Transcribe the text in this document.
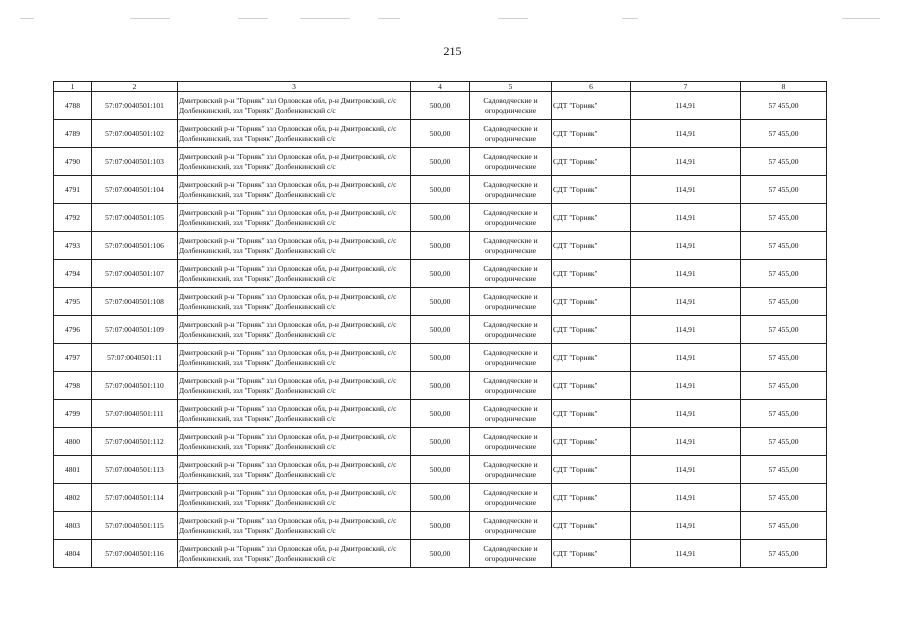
215
1	2	3	4	5	6	7	8
4788	57:07:0040501:101	Дмитровский р-н "Горняк" ззл Орловская обл, р-н Дмитровский, с/с Долбенкинский, ззл "Горняк" Долбенкинский с/с	500,00	Садоводческие и огороднические	СДТ "Горняк"	114,91	57 455,00
4789	57:07:0040501:102	Дмитровский р-н "Горняк" ззл Орловская обл, р-н Дмитровский, с/с Долбенкинский, ззл "Горняк" Долбенкинский с/с	500,00	Садоводческие и огороднические	СДТ "Горняк"	114,91	57 455,00
4790	57:07:0040501:103	Дмитровский р-н "Горняк" ззл Орловская обл, р-н Дмитровский, с/с Долбенкинский, ззл "Горняк" Долбенкинский с/с	500,00	Садоводческие и огороднические	СДТ "Горняк"	114,91	57 455,00
4791	57:07:0040501:104	Дмитровский р-н "Горняк" ззл Орловская обл, р-н Дмитровский, с/с Долбенкинский, ззл "Горняк" Долбенкинский с/с	500,00	Садоводческие и огороднические	СДТ "Горняк"	114,91	57 455,00
4792	57:07:0040501:105	Дмитровский р-н "Горняк" ззл Орловская обл, р-н Дмитровский, с/с Долбенкинский, ззл "Горняк" Долбенкинский с/с	500,00	Садоводческие и огороднические	СДТ "Горняк"	114,91	57 455,00
4793	57:07:0040501:106	Дмитровский р-н "Горняк" ззл Орловская обл, р-н Дмитровский, с/с Долбенкинский, ззл "Горняк" Долбенкинский с/с	500,00	Садоводческие и огороднические	СДТ "Горняк"	114,91	57 455,00
4794	57:07:0040501:107	Дмитровский р-н "Горняк" ззл Орловская обл, р-н Дмитровский, с/с Долбенкинский, ззл "Горняк" Долбенкинский с/с	500,00	Садоводческие и огороднические	СДТ "Горняк"	114,91	57 455,00
4795	57:07:0040501:108	Дмитровский р-н "Горняк" ззл Орловская обл, р-н Дмитровский, с/с Долбенкинский, ззл "Горняк" Долбенкинский с/с	500,00	Садоводческие и огороднические	СДТ "Горняк"	114,91	57 455,00
4796	57:07:0040501:109	Дмитровский р-н "Горняк" ззл Орловская обл, р-н Дмитровский, с/с Долбенкинский, ззл "Горняк" Долбенкинский с/с	500,00	Садоводческие и огороднические	СДТ "Горняк"	114,91	57 455,00
4797	57:07:0040501:11	Дмитровский р-н "Горняк" ззл Орловская обл, р-н Дмитровский, с/с Долбенкинский, ззл "Горняк" Долбенкинский с/с	500,00	Садоводческие и огороднические	СДТ "Горняк"	114,91	57 455,00
4798	57:07:0040501:110	Дмитровский р-н "Горняк" ззл Орловская обл, р-н Дмитровский, с/с Долбенкинский, ззл "Горняк" Долбенкинский с/с	500,00	Садоводческие и огороднические	СДТ "Горняк"	114,91	57 455,00
4799	57:07:0040501:111	Дмитровский р-н "Горняк" ззл Орловская обл, р-н Дмитровский, с/с Долбенкинский, ззл "Горняк" Долбенкинский с/с	500,00	Садоводческие и огороднические	СДТ "Горняк"	114,91	57 455,00
4800	57:07:0040501:112	Дмитровский р-н "Горняк" ззл Орловская обл, р-н Дмитровский, с/с Долбенкинский, ззл "Горняк" Долбенкинский с/с	500,00	Садоводческие и огороднические	СДТ "Горняк"	114,91	57 455,00
4801	57:07:0040501:113	Дмитровский р-н "Горняк" ззл Орловская обл, р-н Дмитровский, с/с Долбенкинский, ззл "Горняк" Долбенкинский с/с	500,00	Садоводческие и огороднические	СДТ "Горняк"	114,91	57 455,00
4802	57:07:0040501:114	Дмитровский р-н "Горняк" ззл Орловская обл, р-н Дмитровский, с/с Долбенкинский, ззл "Горняк" Долбенкинский с/с	500,00	Садоводческие и огороднические	СДТ "Горняк"	114,91	57 455,00
4803	57:07:0040501:115	Дмитровский р-н "Горняк" ззл Орловская обл, р-н Дмитровский, с/с Долбенкинский, ззл "Горняк" Долбенкинский с/с	500,00	Садоводческие и огороднические	СДТ "Горняк"	114,91	57 455,00
4804	57:07:0040501:116	Дмитровский р-н "Горняк" ззл Орловская обл, р-н Дмитровский, с/с Долбенкинский, ззл "Горняк" Долбенкинский с/с	500,00	Садоводческие и огороднические	СДТ "Горняк"	114,91	57 455,00
